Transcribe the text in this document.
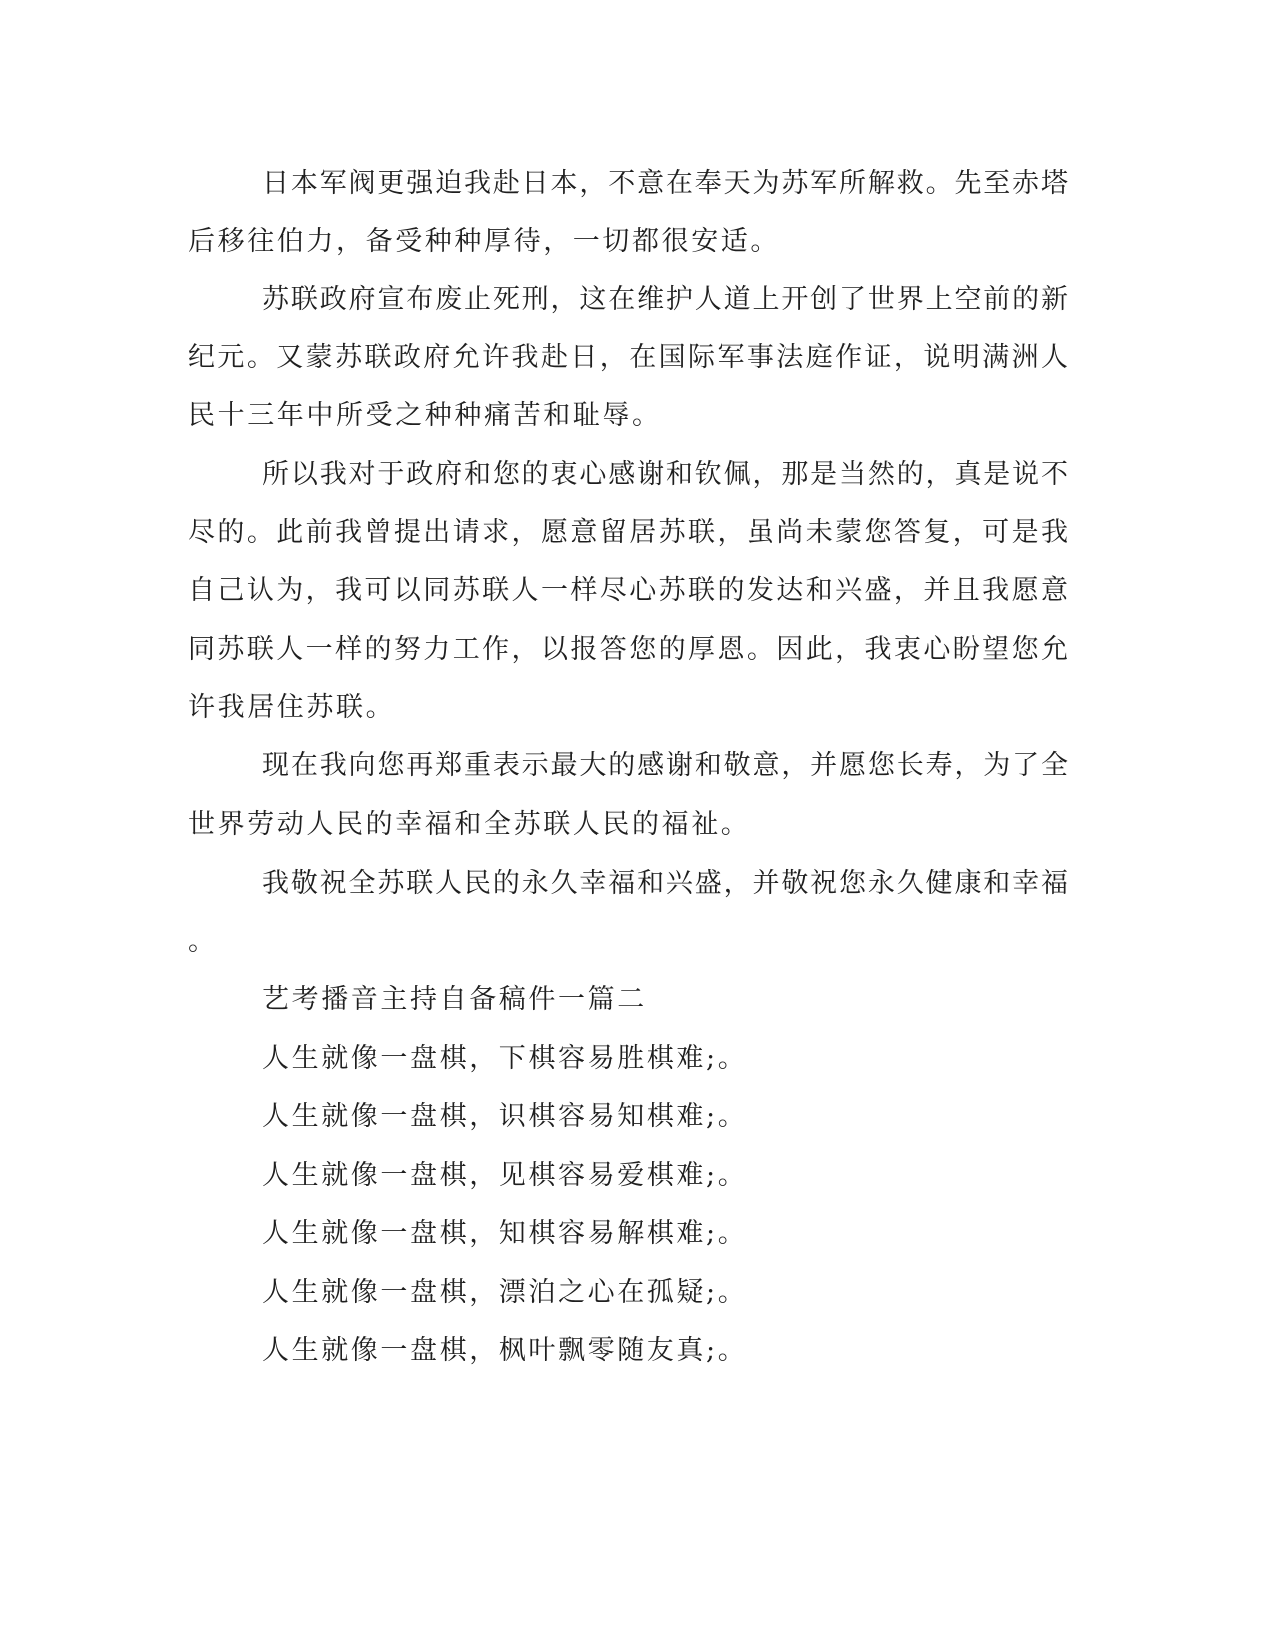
日本军阀更强迫我赴日本，不意在奉天为苏军所解救。先至赤塔
后移往伯力，备受种种厚待，一切都很安适。
苏联政府宣布废止死刑，这在维护人道上开创了世界上空前的新
纪元。又蒙苏联政府允许我赴日，在国际军事法庭作证，说明满洲人
民十三年中所受之种种痛苦和耻辱。
所以我对于政府和您的衷心感谢和钦佩，那是当然的，真是说不
尽的。此前我曾提出请求，愿意留居苏联，虽尚未蒙您答复，可是我
自己认为，我可以同苏联人一样尽心苏联的发达和兴盛，并且我愿意
同苏联人一样的努力工作，以报答您的厚恩。因此，我衷心盼望您允
许我居住苏联。
现在我向您再郑重表示最大的感谢和敬意，并愿您长寿，为了全
世界劳动人民的幸福和全苏联人民的福祉。
我敬祝全苏联人民的永久幸福和兴盛，并敬祝您永久健康和幸福
。
艺考播音主持自备稿件一篇二
人生就像一盘棋，下棋容易胜棋难;。
人生就像一盘棋，识棋容易知棋难;。
人生就像一盘棋，见棋容易爱棋难;。
人生就像一盘棋，知棋容易解棋难;。
人生就像一盘棋，漂泊之心在孤疑;。
人生就像一盘棋，枫叶飘零随友真;。
